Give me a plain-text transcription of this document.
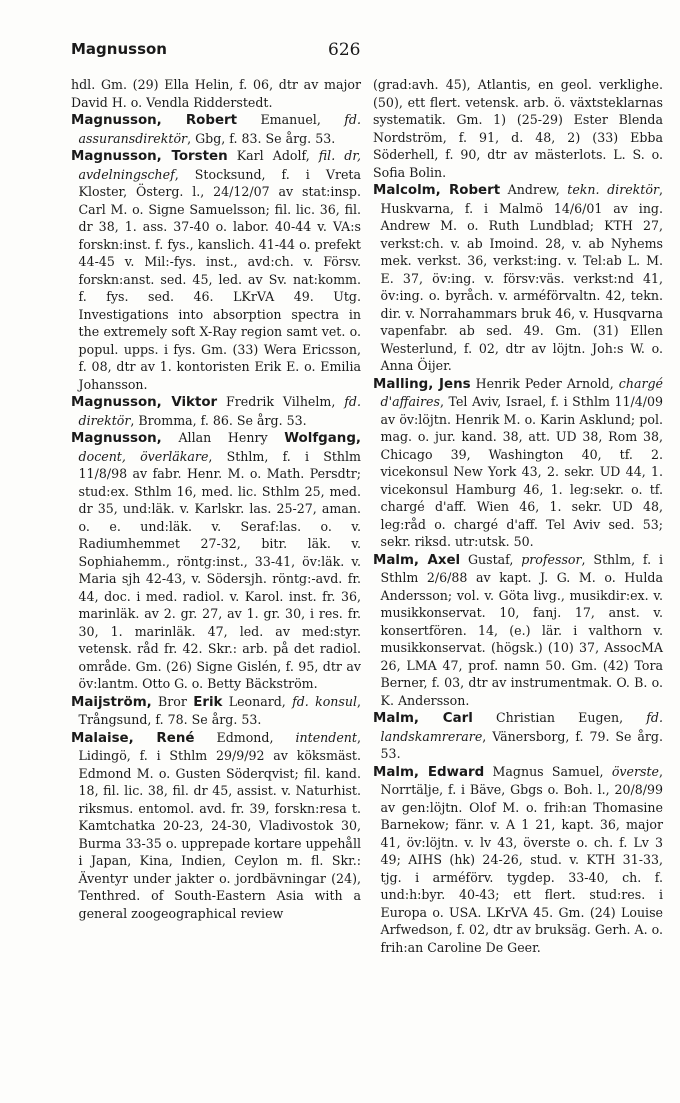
Magnusson	626

hdl. Gm. (29) Ella Helin, f. 06, dtr av major David H. o. Vendla Ridderstedt.

Magnusson, Robert Emanuel, fd. assuransdirektör, Gbg, f. 83. Se årg. 53.

Magnusson, Torsten Karl Adolf, fil. dr, avdelningschef, Stocksund, f. i Vreta Kloster, Österg. l., 24/12/07 av stat:insp. Carl M. o. Signe Samuelsson; fil. lic. 36, fil. dr 38, 1. ass. 37-40 o. labor. 40-44 v. VA:s forskn:inst. f. fys., kanslich. 41-44 o. prefekt 44-45 v. Mil:-fys. inst., avd:ch. v. Försv. forskn:anst. sed. 45, led. av Sv. nat:komm. f. fys. sed. 46. LKrVA 49. Utg. Investigations into absorption spectra in the extremely soft X-Ray region samt vet. o. popul. upps. i fys. Gm. (33) Wera Ericsson, f. 08, dtr av 1. kontoristen Erik E. o. Emilia Johansson.

Magnusson, Viktor Fredrik Vilhelm, fd. direktör, Bromma, f. 86. Se årg. 53.

Magnusson, Allan Henry Wolfgang, docent, överläkare, Sthlm, f. i Sthlm 11/8/98 av fabr. Henr. M. o. Math. Persdtr; stud:ex. Sthlm 16, med. lic. Sthlm 25, med. dr 35, und:läk. v. Karlskr. las. 25-27, aman. o. e. und:läk. v. Seraf:las. o. v. Radiumhemmet 27-32, bitr. läk. v. Sophiahemm., röntg:inst., 33-41, öv:läk. v. Maria sjh 42-43, v. Södersjh. röntg:-avd. fr. 44, doc. i med. radiol. v. Karol. inst. fr. 36, marinläk. av 2. gr. 27, av 1. gr. 30, i res. fr. 30, 1. marinläk. 47, led. av med:styr. vetensk. råd fr. 42. Skr.: arb. på det radiol. område. Gm. (26) Signe Gislén, f. 95, dtr av öv:lantm. Otto G. o. Betty Bäckström.

Maijström, Bror Erik Leonard, fd. konsul, Trångsund, f. 78. Se årg. 53.

Malaise, René Edmond, intendent, Lidingö, f. i Sthlm 29/9/92 av köksmäst. Edmond M. o. Gusten Söderqvist; fil. kand. 18, fil. lic. 38, fil. dr 45, assist. v. Naturhist. riksmus. entomol. avd. fr. 39, forskn:resa t. Kamtchatka 20-23, 24-30, Vladivostok 30, Burma 33-35 o. upprepade kortare uppehåll i Japan, Kina, Indien, Ceylon m. fl. Skr.: Äventyr under jakter o. jordbävningar (24), Tenthred. of South-Eastern Asia with a general zoogeographical review

(grad:avh. 45), Atlantis, en geol. verklighe. (50), ett flert. vetensk. arb. ö. växtsteklarnas systematik. Gm. 1) (25-29) Ester Blenda Nordström, f. 91, d. 48, 2) (33) Ebba Söderhell, f. 90, dtr av mästerlots. L. S. o. Sofia Bolin.

Malcolm, Robert Andrew, tekn. direktör, Huskvarna, f. i Malmö 14/6/01 av ing. Andrew M. o. Ruth Lundblad; KTH 27, verkst:ch. v. ab Imoind. 28, v. ab Nyhems mek. verkst. 36, verkst:ing. v. Tel:ab L. M. E. 37, öv:ing. v. försv:väs. verkst:nd 41, öv:ing. o. byråch. v. arméförvaltn. 42, tekn. dir. v. Norrahammars bruk 46, v. Husqvarna vapenfabr. ab sed. 49. Gm. (31) Ellen Westerlund, f. 02, dtr av löjtn. Joh:s W. o. Anna Öijer.

Malling, Jens Henrik Peder Arnold, chargé d'affaires, Tel Aviv, Israel, f. i Sthlm 11/4/09 av öv:löjtn. Henrik M. o. Karin Asklund; pol. mag. o. jur. kand. 38, att. UD 38, Rom 38, Chicago 39, Washington 40, tf. 2. vicekonsul New York 43, 2. sekr. UD 44, 1. vicekonsul Hamburg 46, 1. leg:sekr. o. tf. chargé d'aff. Wien 46, 1. sekr. UD 48, leg:råd o. chargé d'aff. Tel Aviv sed. 53; sekr. riksd. utr:utsk. 50.

Malm, Axel Gustaf, professor, Sthlm, f. i Sthlm 2/6/88 av kapt. J. G. M. o. Hulda Andersson; vol. v. Göta livg., musikdir:ex. v. musikkonservat. 10, fanj. 17, anst. v. konsertfören. 14, (e.) lär. i valthorn v. musikkonservat. (högsk.) (10) 37, AssocMA 26, LMA 47, prof. namn 50. Gm. (42) Tora Berner, f. 03, dtr av instrumentmak. O. B. o. K. Andersson.

Malm, Carl Christian Eugen, fd. landskamrerare, Vänersborg, f. 79. Se årg. 53.

Malm, Edward Magnus Samuel, överste, Norrtälje, f. i Bäve, Gbgs o. Boh. l., 20/8/99 av gen:löjtn. Olof M. o. frih:an Thomasine Barnekow; fänr. v. A 1 21, kapt. 36, major 41, öv:löjtn. v. lv 43, överste o. ch. f. Lv 3 49; AIHS (hk) 24-26, stud. v. KTH 31-33, tjg. i arméförv. tygdep. 33-40, ch. f. und:h:byr. 40-43; ett flert. stud:res. i Europa o. USA. LKrVA 45. Gm. (24) Louise Arfwedson, f. 02, dtr av bruksäg. Gerh. A. o. frih:an Caroline De Geer.
